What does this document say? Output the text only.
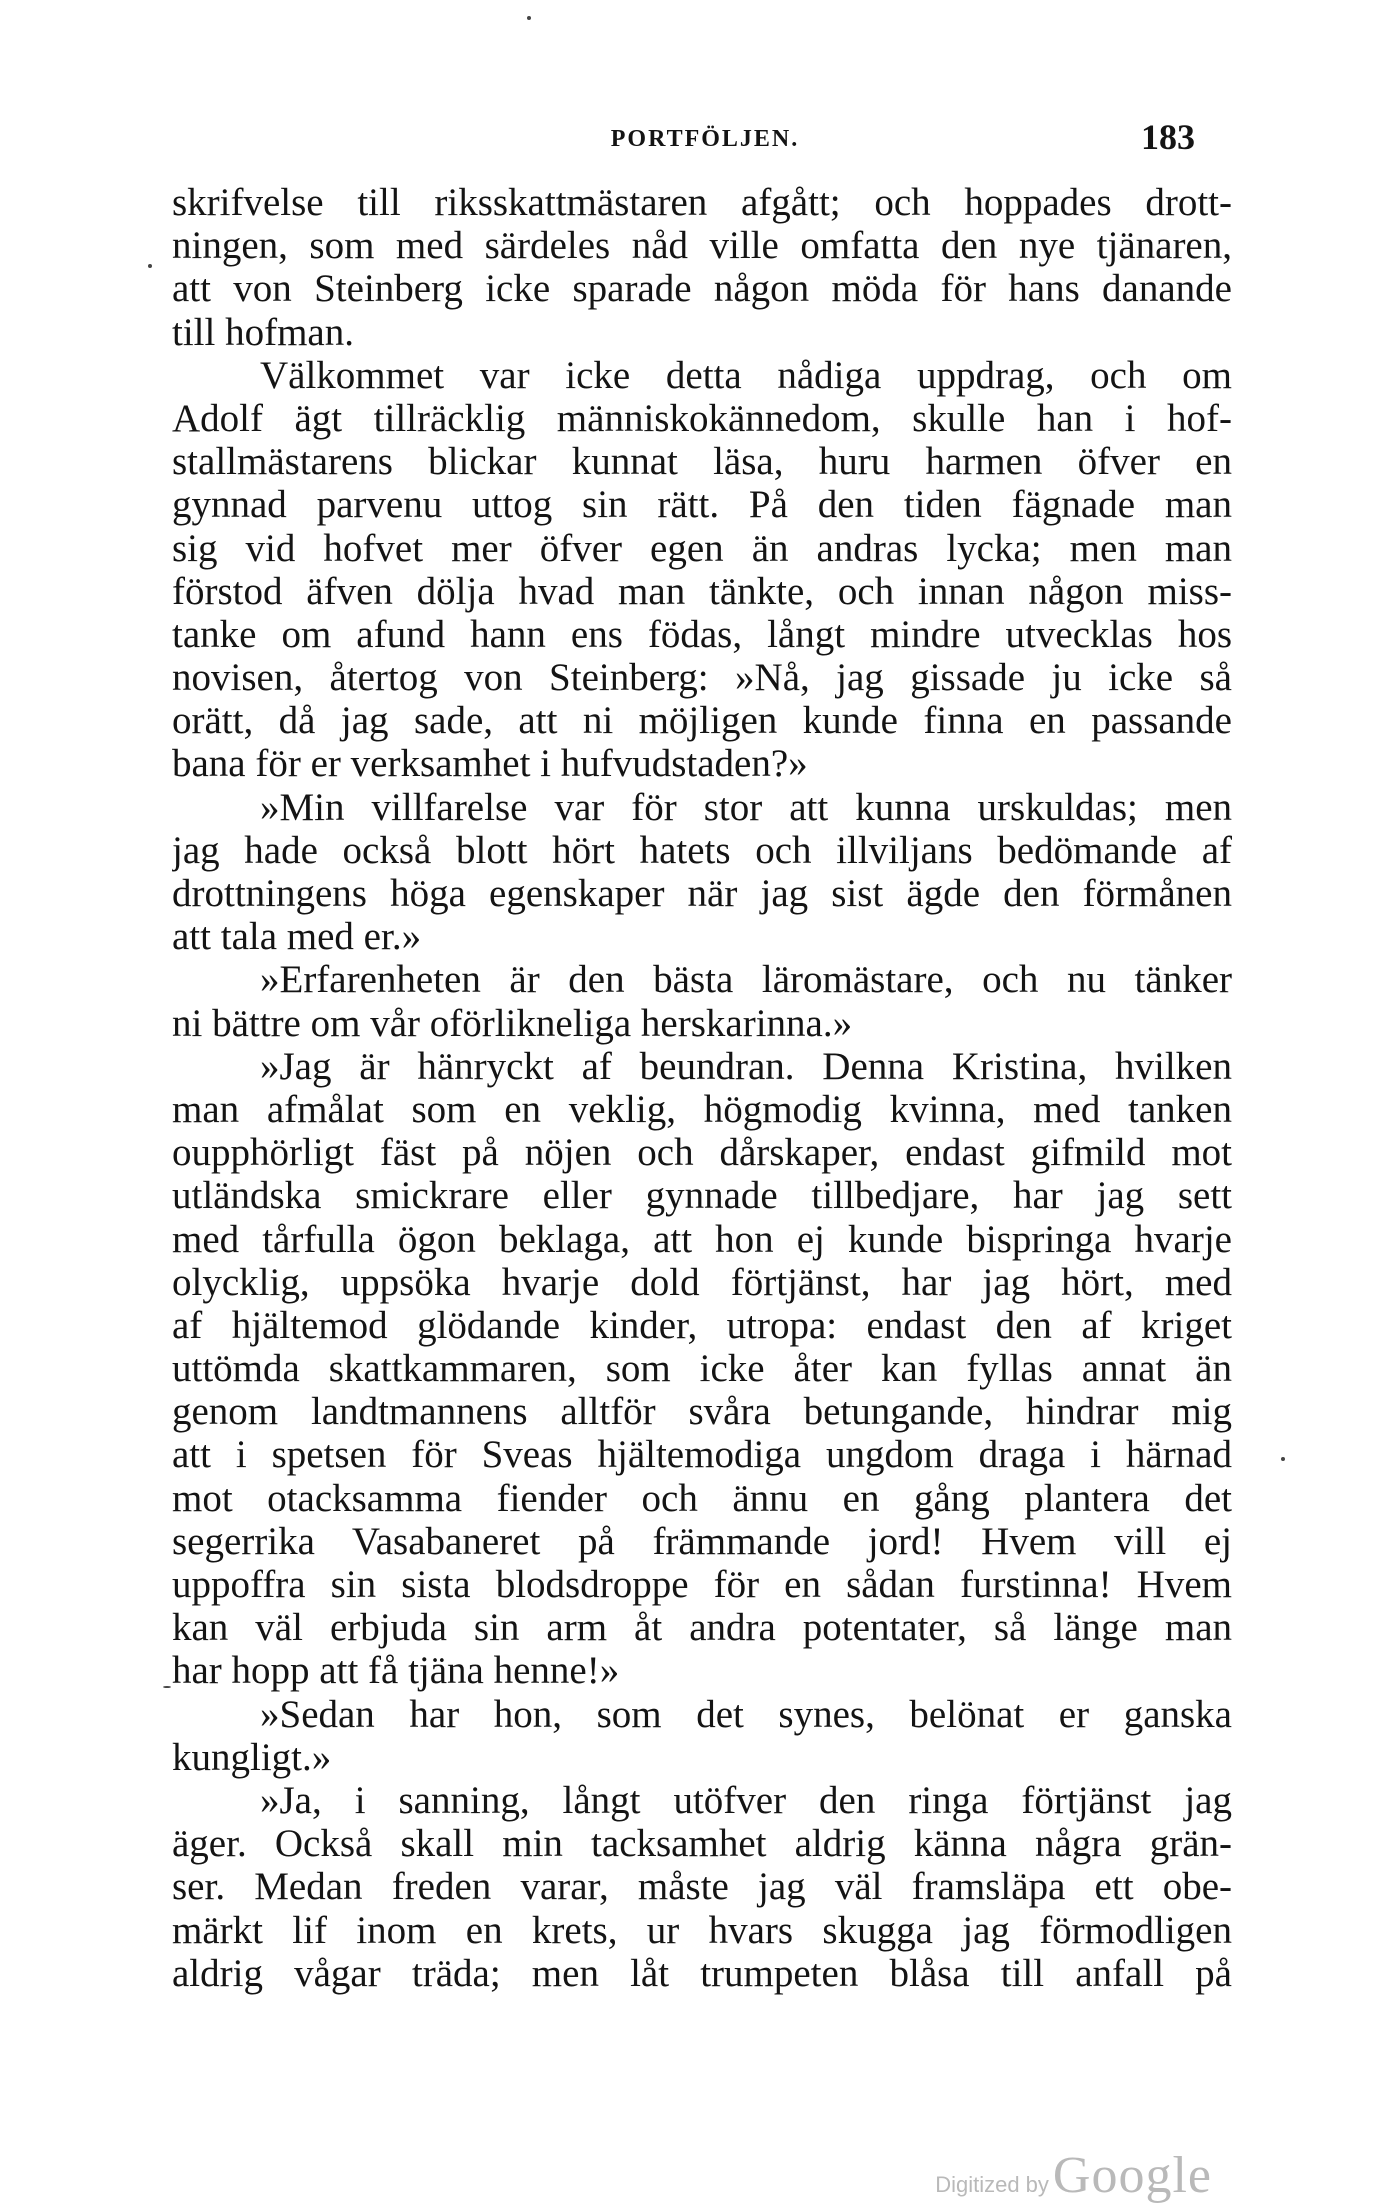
PORTFÖLJEN.	183
skrifvelse till riksskattmästaren afgått; och hoppades drott-
ningen, som med särdeles nåd ville omfatta den nye tjänaren,
att von Steinberg icke sparade någon möda för hans danande
till hofman.
Välkommet var icke detta nådiga uppdrag, och om
Adolf ägt tillräcklig människokännedom, skulle han i hof-
stallmästarens blickar kunnat läsa, huru harmen öfver en
gynnad parvenu uttog sin rätt. På den tiden fägnade man
sig vid hofvet mer öfver egen än andras lycka; men man
förstod äfven dölja hvad man tänkte, och innan någon miss-
tanke om afund hann ens födas, långt mindre utvecklas hos
novisen, återtog von Steinberg: »Nå, jag gissade ju icke så
orätt, då jag sade, att ni möjligen kunde finna en passande
bana för er verksamhet i hufvudstaden?»
»Min villfarelse var för stor att kunna urskuldas; men
jag hade också blott hört hatets och illviljans bedömande af
drottningens höga egenskaper när jag sist ägde den förmånen
att tala med er.»
»Erfarenheten är den bästa läromästare, och nu tänker
ni bättre om vår oförlikneliga herskarinna.»
»Jag är hänryckt af beundran. Denna Kristina, hvilken
man afmålat som en veklig, högmodig kvinna, med tanken
oupphörligt fäst på nöjen och dårskaper, endast gifmild mot
utländska smickrare eller gynnade tillbedjare, har jag sett
med tårfulla ögon beklaga, att hon ej kunde bispringa hvarje
olycklig, uppsöka hvarje dold förtjänst, har jag hört, med
af hjältemod glödande kinder, utropa: endast den af kriget
uttömda skattkammaren, som icke åter kan fyllas annat än
genom landtmannens alltför svåra betungande, hindrar mig
att i spetsen för Sveas hjältemodiga ungdom draga i härnad
mot otacksamma fiender och ännu en gång plantera det
segerrika Vasabaneret på främmande jord! Hvem vill ej
uppoffra sin sista blodsdroppe för en sådan furstinna! Hvem
kan väl erbjuda sin arm åt andra potentater, så länge man
har hopp att få tjäna henne!»
»Sedan har hon, som det synes, belönat er ganska
kungligt.»
»Ja, i sanning, långt utöfver den ringa förtjänst jag
äger. Också skall min tacksamhet aldrig känna några grän-
ser. Medan freden varar, måste jag väl framsläpa ett obe-
märkt lif inom en krets, ur hvars skugga jag förmodligen
aldrig vågar träda; men låt trumpeten blåsa till anfall på
Digitized by Google
